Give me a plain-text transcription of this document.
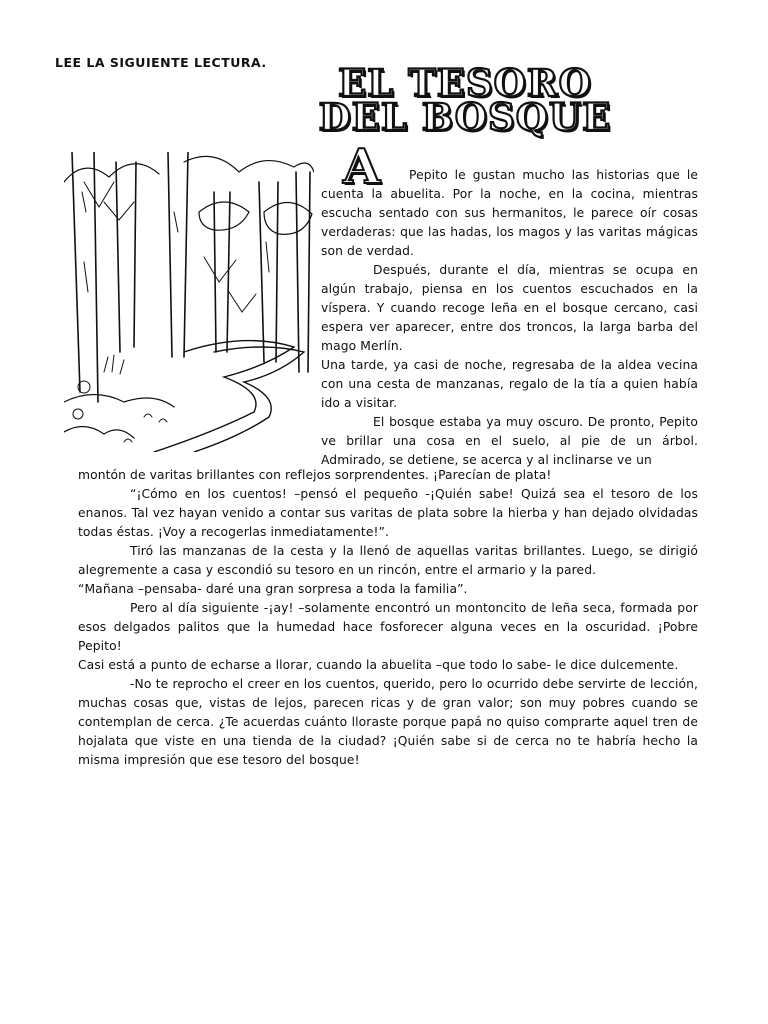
LEE LA SIGUIENTE LECTURA.	EL TESORO
DEL BOSQUE
A	Pepito le gustan mucho las historias que le cuenta la abuelita. Por la noche, en la cocina, mientras escucha sentado con sus hermanitos, le parece oír cosas verdaderas: que las hadas, los magos y las varitas mágicas son de verdad.

Después, durante el día, mientras se ocupa en algún trabajo, piensa en los cuentos escuchados en la víspera. Y cuando recoge leña en el bosque cercano, casi espera ver aparecer, entre dos troncos, la larga barba del mago Merlín.

Una tarde, ya casi de noche, regresaba de la aldea vecina con una cesta de manzanas, regalo de la tía a quien había ido a visitar.

El bosque estaba ya muy oscuro. De pronto, Pepito ve brillar una cosa en el suelo, al pie de un árbol. Admirado, se detiene, se acerca y al inclinarse ve un

montón de varitas brillantes con reflejos sorprendentes. ¡Parecían de plata!

“¡Cómo en los cuentos! –pensó el pequeño -¡Quién sabe! Quizá sea el tesoro de los enanos. Tal vez hayan venido a contar sus varitas de plata sobre la hierba y han dejado olvidadas todas éstas. ¡Voy a recogerlas inmediatamente!”.

Tiró las manzanas de la cesta y la llenó de aquellas varitas brillantes. Luego, se dirigió alegremente a casa y escondió su tesoro en un rincón, entre el armario y la pared.

“Mañana –pensaba- daré una gran sorpresa a toda la familia”.

Pero al día siguiente -¡ay! –solamente encontró un montoncito de leña seca, formada por esos delgados palitos que la humedad hace fosforecer alguna veces en la oscuridad. ¡Pobre Pepito!

Casi está a punto de echarse a llorar, cuando la abuelita –que todo lo sabe- le dice dulcemente.

-No te reprocho el creer en los cuentos, querido, pero lo ocurrido debe servirte de lección, muchas cosas que, vistas de lejos, parecen ricas y de gran valor; son muy pobres cuando se contemplan de cerca. ¿Te acuerdas cuánto lloraste porque papá no quiso comprarte aquel tren de hojalata que viste en una tienda de la ciudad? ¡Quién sabe si de cerca no te habría hecho la misma impresión que ese tesoro del bosque!
